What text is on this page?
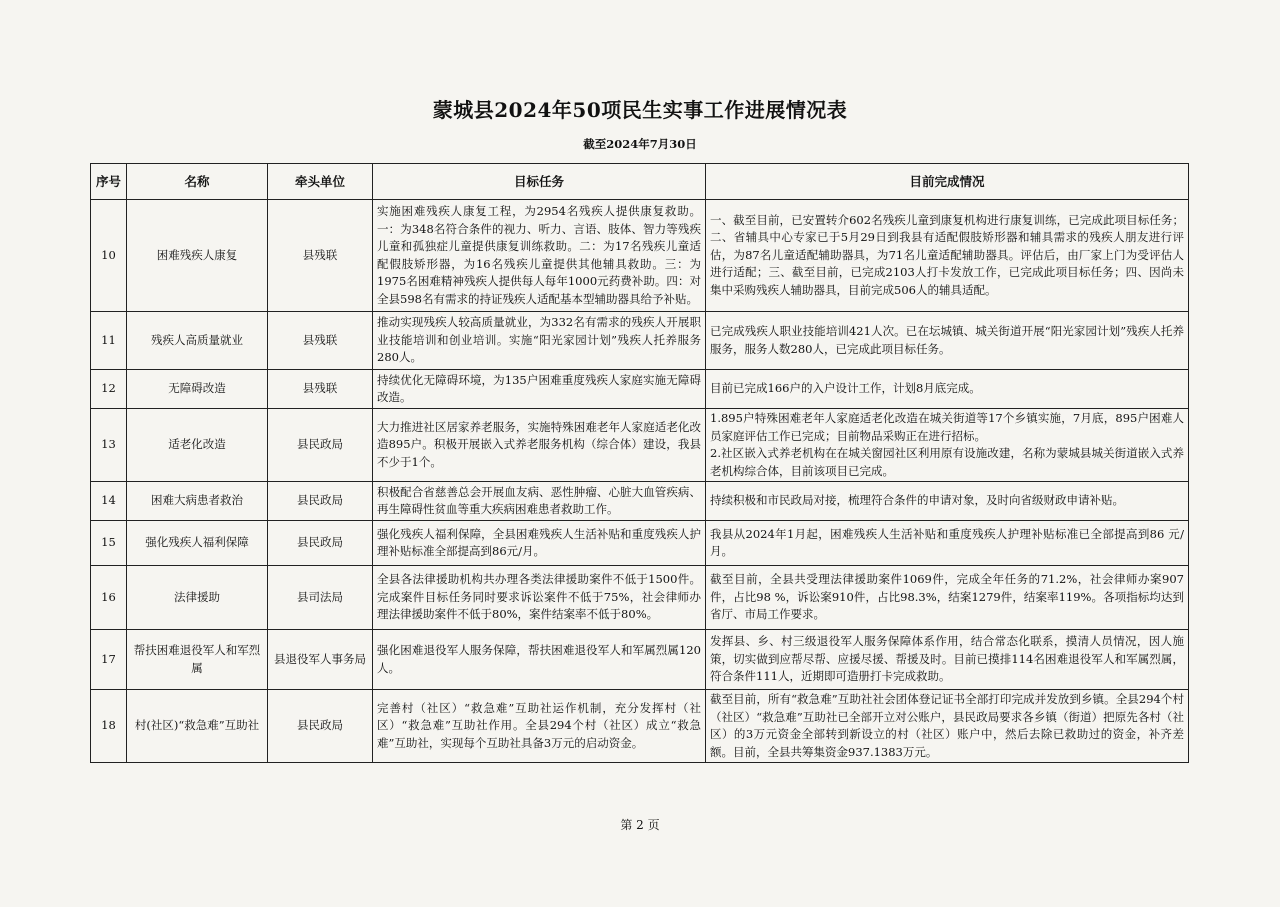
蒙城县2024年50项民生实事工作进展情况表
截至2024年7月30日
序号	名称	牵头单位	目标任务	目前完成情况
10	困难残疾人康复	县残联	实施困难残疾人康复工程，为2954名残疾人提供康复救助。一：为348名符合条件的视力、听力、言语、肢体、智力等残疾儿童和孤独症儿童提供康复训练救助。二：为17名残疾儿童适配假肢矫形器，为16名残疾儿童提供其他辅具救助。三：为1975名困难精神残疾人提供每人每年1000元药费补助。四：对全县598名有需求的持证残疾人适配基本型辅助器具给予补贴。	一、截至目前，已安置转介602名残疾儿童到康复机构进行康复训练，已完成此项目标任务；二、省辅具中心专家已于5月29日到我县有适配假肢矫形器和辅具需求的残疾人朋友进行评估，为87名儿童适配辅助器具，为71名儿童适配辅助器具。评估后，由厂家上门为受评估人进行适配；三、截至目前，已完成2103人打卡发放工作，已完成此项目标任务；四、因尚未集中采购残疾人辅助器具，目前完成506人的辅具适配。
11	残疾人高质量就业	县残联	推动实现残疾人较高质量就业，为332名有需求的残疾人开展职业技能培训和创业培训。实施“阳光家园计划”残疾人托养服务280人。	已完成残疾人职业技能培训421人次。已在坛城镇、城关街道开展“阳光家园计划”残疾人托养服务，服务人数280人，已完成此项目标任务。
12	无障碍改造	县残联	持续优化无障碍环境，为135户困难重度残疾人家庭实施无障碍改造。	目前已完成166户的入户设计工作，计划8月底完成。
13	适老化改造	县民政局	大力推进社区居家养老服务，实施特殊困难老年人家庭适老化改造895户。积极开展嵌入式养老服务机构（综合体）建设，我县不少于1个。	1.895户特殊困难老年人家庭适老化改造在城关街道等17个乡镇实施，7月底，895户困难人员家庭评估工作已完成；目前物品采购正在进行招标。
2.社区嵌入式养老机构在在城关窗园社区利用原有设施改建，名称为蒙城县城关街道嵌入式养老机构综合体，目前该项目已完成。
14	困难大病患者救治	县民政局	积极配合省慈善总会开展血友病、恶性肿瘤、心脏大血管疾病、再生障碍性贫血等重大疾病困难患者救助工作。	持续积极和市民政局对接，梳理符合条件的申请对象，及时向省级财政申请补贴。
15	强化残疾人福利保障	县民政局	强化残疾人福利保障，全县困难残疾人生活补贴和重度残疾人护理补贴标准全部提高到86元/月。	我县从2024年1月起，困难残疾人生活补贴和重度残疾人护理补贴标准已全部提高到86 元/月。
16	法律援助	县司法局	全县各法律援助机构共办理各类法律援助案件不低于1500件。完成案件目标任务同时要求诉讼案件不低于75%，社会律师办理法律援助案件不低于80%，案件结案率不低于80%。	截至目前，全县共受理法律援助案件1069件，完成全年任务的71.2%，社会律师办案907件，占比98 %，诉讼案910件，占比98.3%，结案1279件，结案率119%。各项指标均达到省厅、市局工作要求。
17	帮扶困难退役军人和军烈属	县退役军人事务局	强化困难退役军人服务保障，帮扶困难退役军人和军属烈属120人。	发挥县、乡、村三级退役军人服务保障体系作用，结合常态化联系，摸清人员情况，因人施策，切实做到应帮尽帮、应援尽援、帮援及时。目前已摸排114名困难退役军人和军属烈属，符合条件111人，近期即可造册打卡完成救助。
18	村(社区)“救急难”互助社	县民政局	完善村（社区）“救急难”互助社运作机制，充分发挥村（社区）“救急难”互助社作用。全县294个村（社区）成立“救急难”互助社，实现每个互助社具备3万元的启动资金。	截至目前，所有“救急难”互助社社会团体登记证书全部打印完成并发放到乡镇。全县294个村（社区）“救急难”互助社已全部开立对公账户，县民政局要求各乡镇（街道）把原先各村（社区）的3万元资金全部转到新设立的村（社区）账户中，然后去除已救助过的资金，补齐差额。目前，全县共筹集资金937.1383万元。
第 2 页
